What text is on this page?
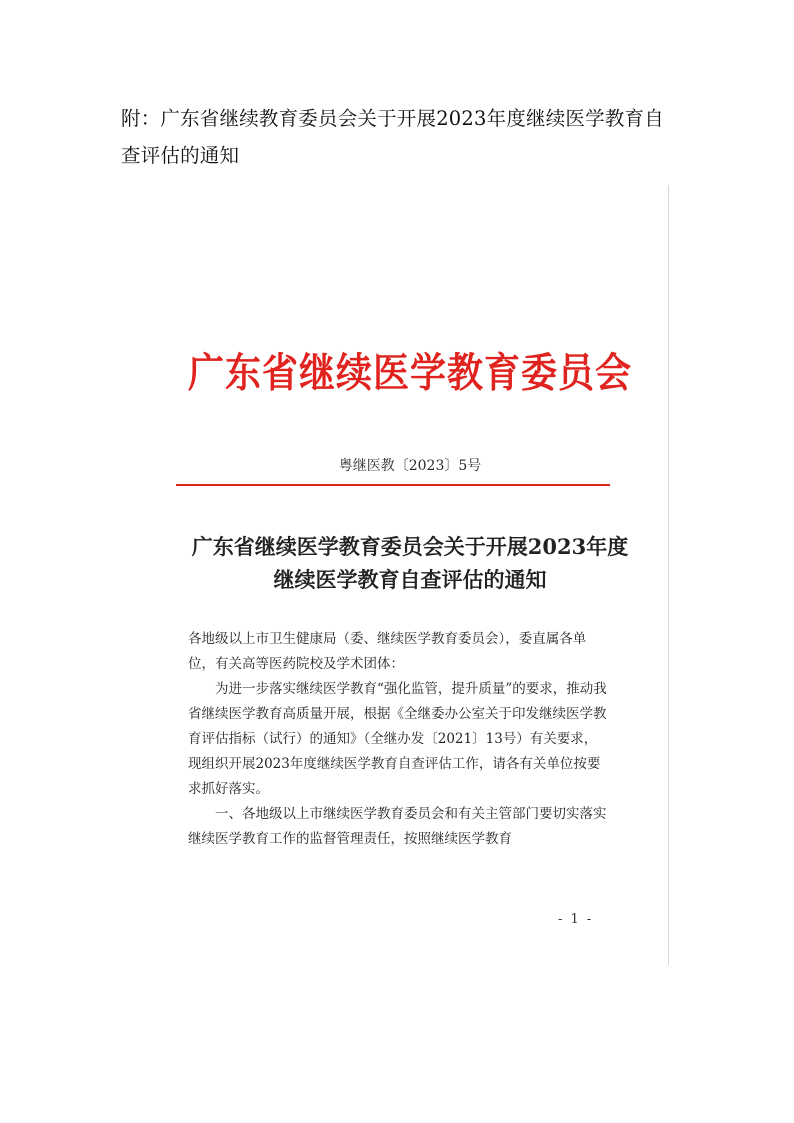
附：广东省继续教育委员会关于开展2023年度继续医学教育自查评估的通知
广东省继续医学教育委员会
粤继医教〔2023〕5号
广东省继续医学教育委员会关于开展2023年度
继续医学教育自查评估的通知

各地级以上市卫生健康局（委、继续医学教育委员会），委直属各单位，有关高等医药院校及学术团体：

为进一步落实继续医学教育“强化监管，提升质量”的要求，推动我省继续医学教育高质量开展，根据《全继委办公室关于印发继续医学教育评估指标（试行）的通知》（全继办发〔2021〕13号）有关要求，现组织开展2023年度继续医学教育自查评估工作，请各有关单位按要求抓好落实。

一、各地级以上市继续医学教育委员会和有关主管部门要切实落实继续医学教育工作的监督管理责任，按照继续医学教育

- 1 -
